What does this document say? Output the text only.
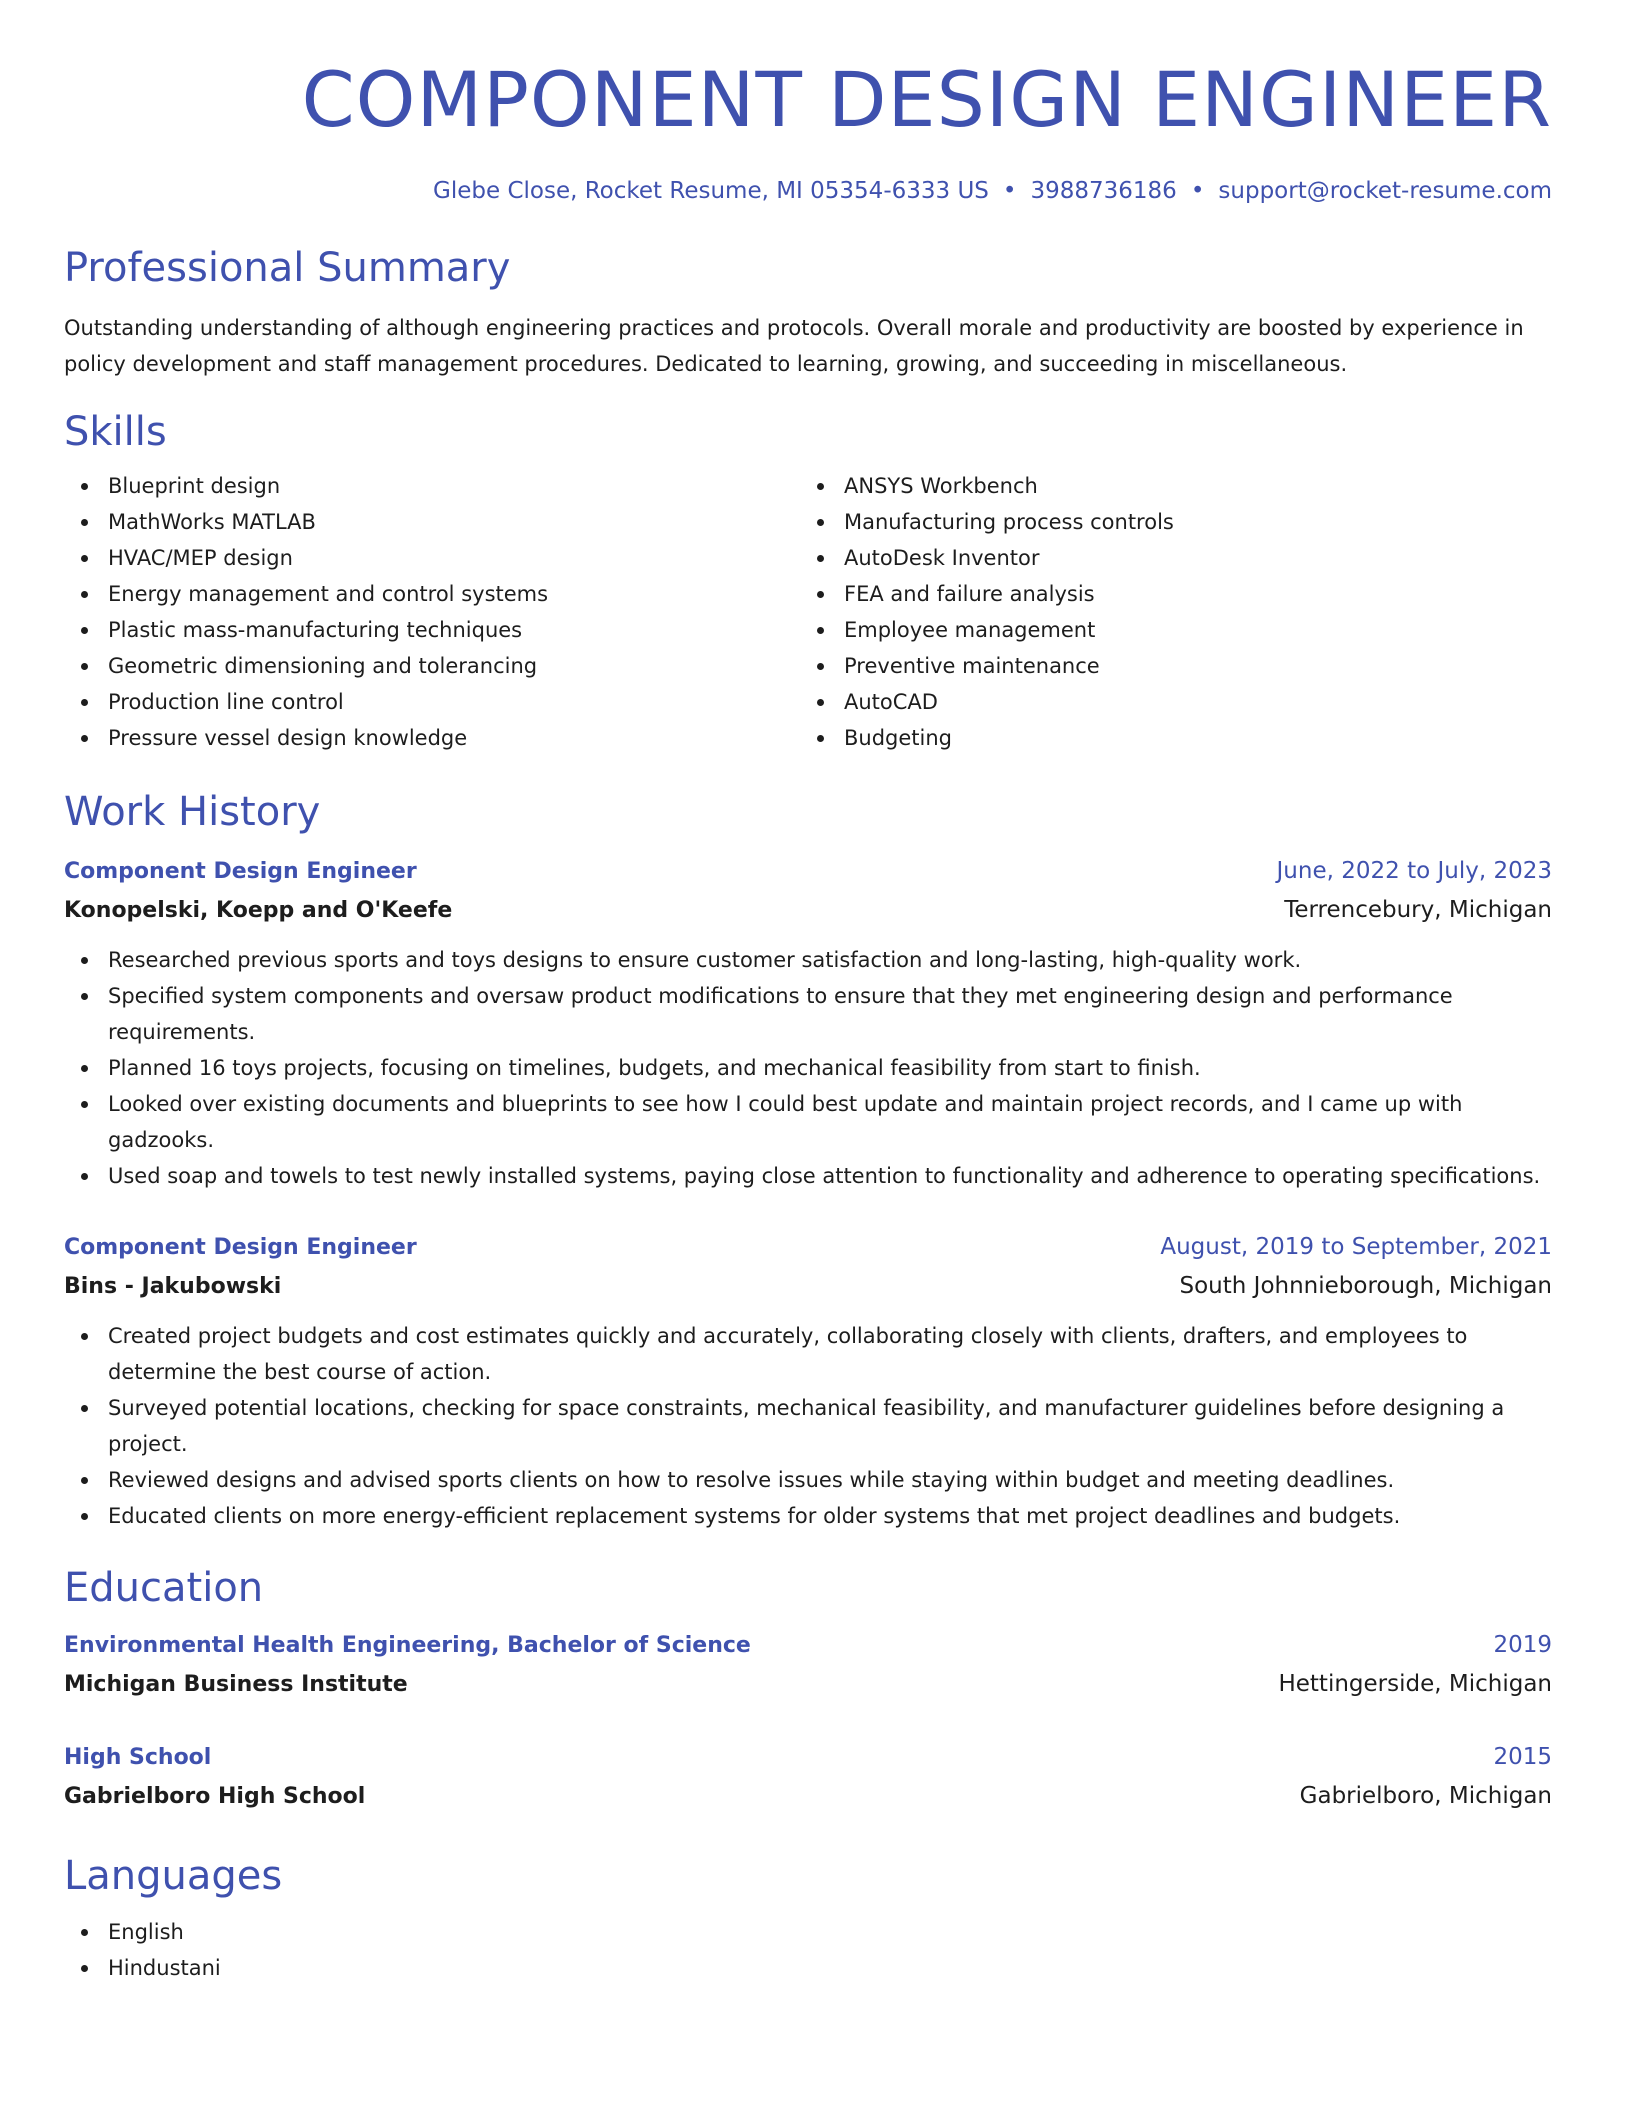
COMPONENT DESIGN ENGINEER
Glebe Close, Rocket Resume, MI 05354-6333 US • 3988736186 • support@rocket-resume.com
Professional Summary
Outstanding understanding of although engineering practices and protocols. Overall morale and productivity are boosted by experience in policy development and staff management procedures. Dedicated to learning, growing, and succeeding in miscellaneous.
Skills
Blueprint design
MathWorks MATLAB
HVAC/MEP design
Energy management and control systems
Plastic mass-manufacturing techniques
Geometric dimensioning and tolerancing
Production line control
Pressure vessel design knowledge
ANSYS Workbench
Manufacturing process controls
AutoDesk Inventor
FEA and failure analysis
Employee management
Preventive maintenance
AutoCAD
Budgeting
Work History
Component Design Engineer	June, 2022 to July, 2023
Konopelski, Koepp and O'Keefe	Terrencebury, Michigan
Researched previous sports and toys designs to ensure customer satisfaction and long-lasting, high-quality work.
Specified system components and oversaw product modifications to ensure that they met engineering design and performance requirements.
Planned 16 toys projects, focusing on timelines, budgets, and mechanical feasibility from start to finish.
Looked over existing documents and blueprints to see how I could best update and maintain project records, and I came up with gadzooks.
Used soap and towels to test newly installed systems, paying close attention to functionality and adherence to operating specifications.
Component Design Engineer	August, 2019 to September, 2021
Bins - Jakubowski	South Johnnieborough, Michigan
Created project budgets and cost estimates quickly and accurately, collaborating closely with clients, drafters, and employees to determine the best course of action.
Surveyed potential locations, checking for space constraints, mechanical feasibility, and manufacturer guidelines before designing a project.
Reviewed designs and advised sports clients on how to resolve issues while staying within budget and meeting deadlines.
Educated clients on more energy-efficient replacement systems for older systems that met project deadlines and budgets.
Education
Environmental Health Engineering, Bachelor of Science	2019
Michigan Business Institute	Hettingerside, Michigan
High School	2015
Gabrielboro High School	Gabrielboro, Michigan
Languages
English
Hindustani
